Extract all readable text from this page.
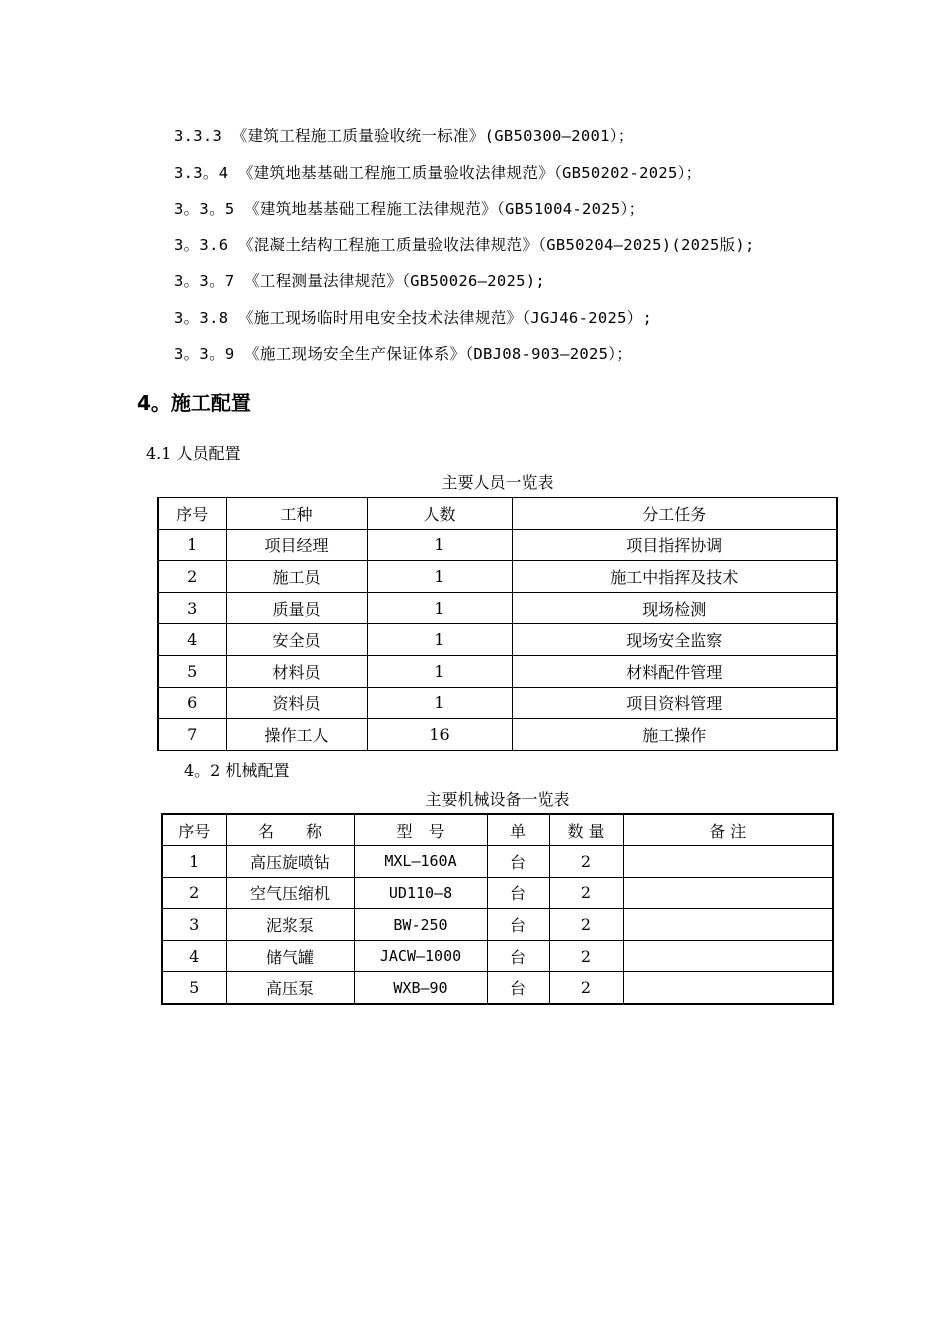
3.3.3 《建筑工程施工质量验收统一标准》(GB50300—2001）；
3.3。4 《建筑地基基础工程施工质量验收法律规范》（GB50202-2025）；
3。3。5 《建筑地基基础工程施工法律规范》（GB51004-2025）；
3。3.6 《混凝土结构工程施工质量验收法律规范》（GB50204—2025)(2025版);
3。3。7 《工程测量法律规范》（GB50026—2025);
3。3.8 《施工现场临时用电安全技术法律规范》（JGJ46-2025）;
3。3。9 《施工现场安全生产保证体系》（DBJ08-903—2025）；
4。施工配置
4.1 人员配置
主要人员一览表
序号	工种	人数	分工任务
1	项目经理	1	项目指挥协调
2	施工员	1	施工中指挥及技术
3	质量员	1	现场检测
4	安全员	1	现场安全监察
5	材料员	1	材料配件管理
6	资料员	1	项目资料管理
7	操作工人	16	施工操作
4。2 机械配置
主要机械设备一览表
序号	名　　称	型　号	单	数 量	备 注
1	高压旋喷钻	MXL—160A	台	2	
2	空气压缩机	UD110—8	台	2	
3	泥浆泵	BW-250	台	2	
4	储气罐	JACW—1000	台	2	
5	高压泵	WXB—90	台	2	
